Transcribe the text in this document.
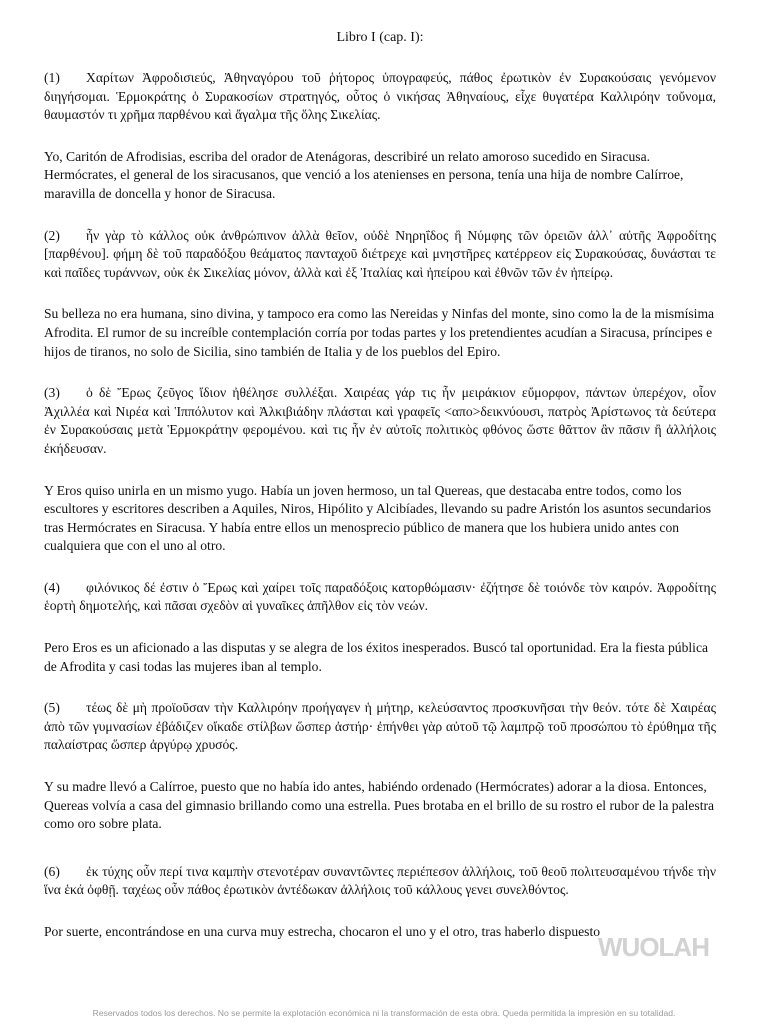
Libro I (cap. I):

(1) Χαρίτων Ἀφροδισιεύς, Ἀθηναγόρου τοῦ ῥήτορος ὑπογραφεύς, πάθος ἐρωτικὸν ἐν Συρακούσαις γενόμενον διηγήσομαι. Ἑρμοκράτης ὁ Συρακοσίων στρατηγός, οὗτος ὁ νικήσας Ἀθηναίους, εἶχε θυγατέρα Καλλιρόην τοὔνομα, θαυμαστόν τι χρῆμα παρθένου καὶ ἄγαλμα τῆς ὅλης Σικελίας.

Yo, Caritón de Afrodisias, escriba del orador de Atenágoras, describiré un relato amoroso sucedido en Siracusa. Hermócrates, el general de los siracusanos, que venció a los atenienses en persona, tenía una hija de nombre Calírroe, maravilla de doncella y honor de Siracusa.

(2) ἦν γὰρ τὸ κάλλος οὐκ ἀνθρώπινον ἀλλὰ θεῖον, οὐδὲ Νηρηΐδος ἢ Νύμφης τῶν ὀρειῶν ἀλλ᾽ αὐτῆς Ἀφροδίτης [παρθένου]. φήμη δὲ τοῦ παραδόξου θεάματος πανταχοῦ διέτρεχε καὶ μνηστῆρες κατέρρεον εἰς Συρακούσας, δυνάσται τε καὶ παῖδες τυράννων, οὐκ ἐκ Σικελίας μόνον, ἀλλὰ καὶ ἐξ Ἰταλίας καὶ ἠπείρου καὶ ἐθνῶν τῶν ἐν ἠπείρῳ.

Su belleza no era humana, sino divina, y tampoco era como las Nereidas y Ninfas del monte, sino como la de la mismísima Afrodita. El rumor de su increíble contemplación corría por todas partes y los pretendientes acudían a Siracusa, príncipes e hijos de tiranos, no solo de Sicilia, sino también de Italia y de los pueblos del Epiro.

(3) ὁ δὲ Ἔρως ζεῦγος ἴδιον ἠθέλησε συλλέξαι. Χαιρέας γάρ τις ἦν μειράκιον εὔμορφον, πάντων ὑπερέχον, οἷον Ἀχιλλέα καὶ Νιρέα καὶ Ἱππόλυτον καὶ Ἀλκιβιάδην πλάσται καὶ γραφεῖς <απο>δεικνύουσι, πατρὸς Ἀρίστωνος τὰ δεύτερα ἐν Συρακούσαις μετὰ Ἑρμοκράτην φερομένου. καὶ τις ἦν ἐν αὐτοῖς πολιτικὸς φθόνος ὥστε θᾶττον ἂν πᾶσιν ἢ ἀλλήλοις ἐκήδευσαν.

Y Eros quiso unirla en un mismo yugo. Había un joven hermoso, un tal Quereas, que destacaba entre todos, como los escultores y escritores describen a Aquiles, Niros, Hipólito y Alcibíades, llevando su padre Aristón los asuntos secundarios tras Hermócrates en Siracusa. Y había entre ellos un menosprecio público de manera que los hubiera unido antes con cualquiera que con el uno al otro.

(4) φιλόνικος δέ ἐστιν ὁ Ἔρως καὶ χαίρει τοῖς παραδόξοις κατορθώμασιν· ἐζήτησε δὲ τοιόνδε τὸν καιρόν. Ἀφροδίτης ἑορτὴ δημοτελής, καὶ πᾶσαι σχεδὸν αἱ γυναῖκες ἀπῆλθον εἰς τὸν νεών.

Pero Eros es un aficionado a las disputas y se alegra de los éxitos inesperados. Buscó tal oportunidad. Era la fiesta pública de Afrodita y casi todas las mujeres iban al templo.

(5) τέως δὲ μὴ προϊοῦσαν τὴν Καλλιρόην προήγαγεν ἡ μήτηρ, κελεύσαντος προσκυνῆσαι τὴν θεόν. τότε δὲ Χαιρέας ἀπὸ τῶν γυμνασίων ἐβάδιζεν οἴκαδε στίλβων ὥσπερ ἀστήρ· ἐπήνθει γὰρ αὐτοῦ τῷ λαμπρῷ τοῦ προσώπου τὸ ἐρύθημα τῆς παλαίστρας ὥσπερ ἀργύρῳ χρυσός.

Y su madre llevó a Calírroe, puesto que no había ido antes, habiéndo ordenado (Hermócrates) adorar a la diosa. Entonces, Quereas volvía a casa del gimnasio brillando como una estrella. Pues brotaba en el brillo de su rostro el rubor de la palestra como oro sobre plata.

(6) ἐκ τύχης οὖν περί τινα καμπὴν στενοτέραν συναντῶντες περιέπεσον ἀλλήλοις, τοῦ θεοῦ πολιτευσαμένου τήνδε τὴν ἵνα ἑκά ὀφθῇ. ταχέως οὖν πάθος ἐρωτικὸν ἀντέδωκαν ἀλλήλοις τοῦ κάλλους γενει συνελθόντος.

Por suerte, encontrándose en una curva muy estrecha, chocaron el uno y el otro, tras haberlo dispuesto

WUOLAH
Reservados todos los derechos. No se permite la explotación económica ni la transformación de esta obra. Queda permitida la impresión en su totalidad.
